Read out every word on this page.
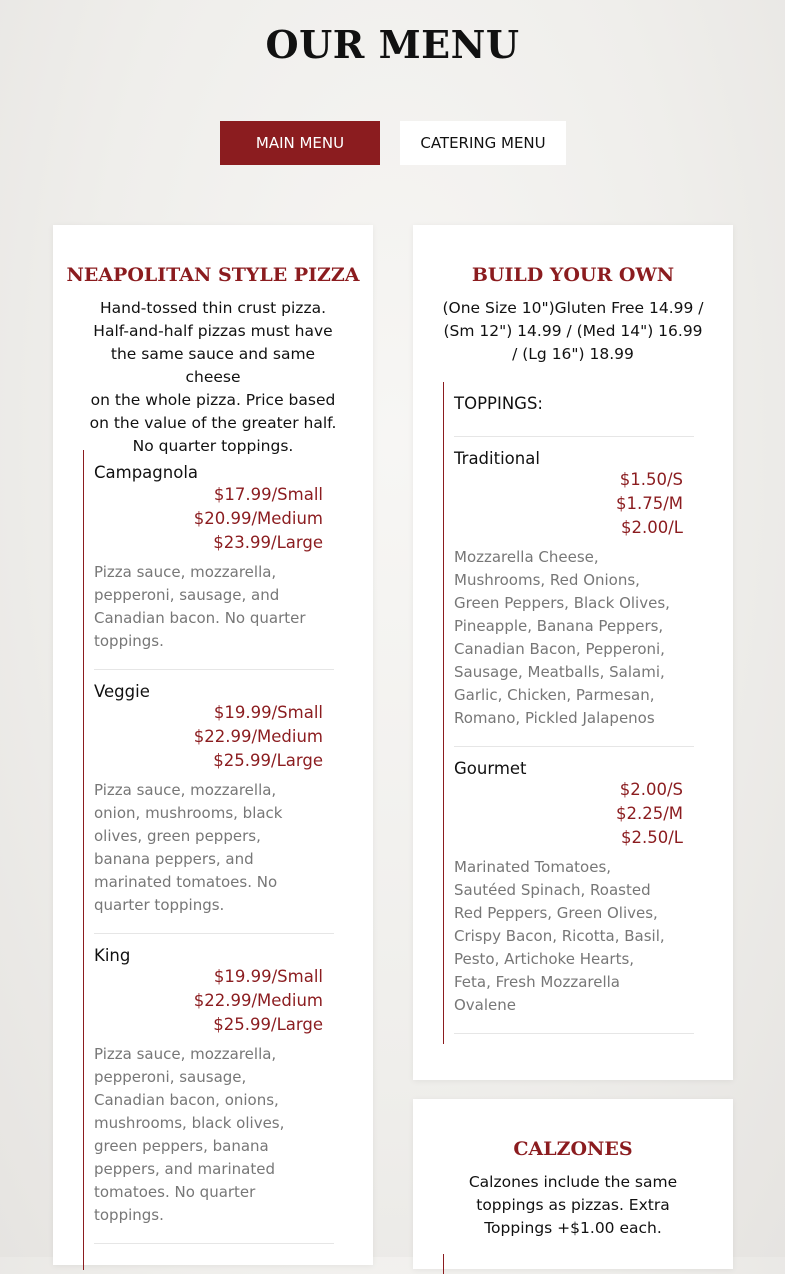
OUR MENU
MAIN MENU	CATERING MENU
NEAPOLITAN STYLE PIZZA
Hand-tossed thin crust pizza.
Half-and-half pizzas must have
the same sauce and same cheese
on the whole pizza. Price based
on the value of the greater half.
No quarter toppings.
Campagnola
$17.99/Small
$20.99/Medium
$23.99/Large
Pizza sauce, mozzarella,
pepperoni, sausage, and
Canadian bacon. No quarter
toppings.
Veggie
$19.99/Small
$22.99/Medium
$25.99/Large
Pizza sauce, mozzarella,
onion, mushrooms, black
olives, green peppers,
banana peppers, and
marinated tomatoes. No
quarter toppings.
King
$19.99/Small
$22.99/Medium
$25.99/Large
Pizza sauce, mozzarella,
pepperoni, sausage,
Canadian bacon, onions,
mushrooms, black olives,
green peppers, banana
peppers, and marinated
tomatoes. No quarter
toppings.
BUILD YOUR OWN
(One Size 10")Gluten Free 14.99 /
(Sm 12") 14.99 / (Med 14") 16.99
/ (Lg 16") 18.99
TOPPINGS:
Traditional
$1.50/S
$1.75/M
$2.00/L
Mozzarella Cheese,
Mushrooms, Red Onions,
Green Peppers, Black Olives,
Pineapple, Banana Peppers,
Canadian Bacon, Pepperoni,
Sausage, Meatballs, Salami,
Garlic, Chicken, Parmesan,
Romano, Pickled Jalapenos
Gourmet
$2.00/S
$2.25/M
$2.50/L
Marinated Tomatoes,
Sautéed Spinach, Roasted
Red Peppers, Green Olives,
Crispy Bacon, Ricotta, Basil,
Pesto, Artichoke Hearts,
Feta, Fresh Mozzarella
Ovalene
CALZONES
Calzones include the same
toppings as pizzas. Extra
Toppings +$1.00 each.
